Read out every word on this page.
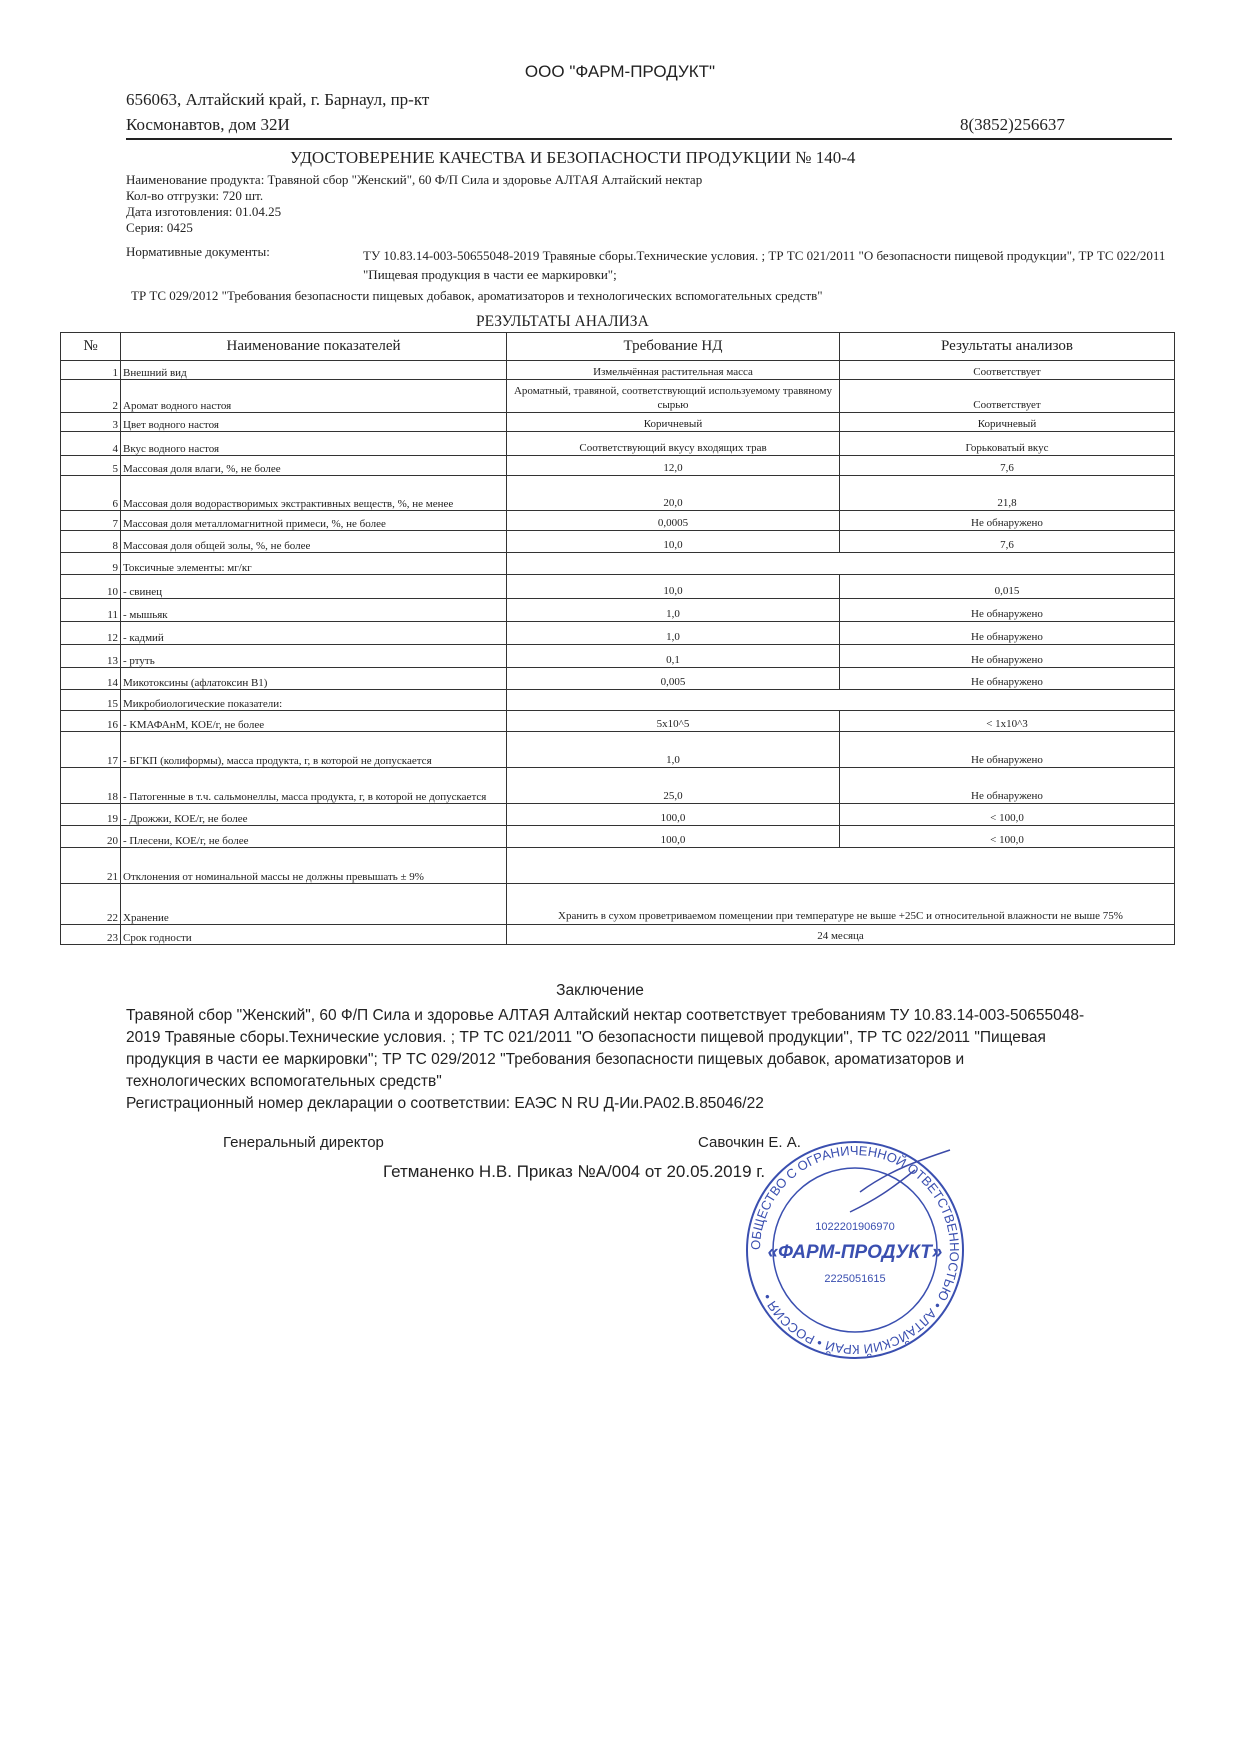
ООО "ФАРМ-ПРОДУКТ"
656063, Алтайский край, г. Барнаул, пр-кт
Космонавтов, дом 32И	8(3852)256637
УДОСТОВЕРЕНИЕ КАЧЕСТВА И БЕЗОПАСНОСТИ ПРОДУКЦИИ № 140-4
Наименование продукта: Травяной сбор "Женский", 60 Ф/П Сила и здоровье АЛТАЯ Алтайский нектар
Кол-во отгрузки: 720 шт.
Дата изготовления: 01.04.25
Серия: 0425
Нормативные документы:	ТУ 10.83.14-003-50655048-2019 Травяные сборы.Технические условия. ; ТР ТС 021/2011 "О безопасности пищевой продукции", ТР ТС 022/2011 "Пищевая продукция в части ее маркировки";
ТР ТС 029/2012 "Требования безопасности пищевых добавок, ароматизаторов и технологических вспомогательных средств"
РЕЗУЛЬТАТЫ АНАЛИЗА
№	Наименование показателей	Требование НД	Результаты анализов
1	Внешний вид	Измельчённая растительная масса	Соответствует
2	Аромат водного настоя	Ароматный, травяной, соответствующий используемому травяному сырью	Соответствует
3	Цвет водного настоя	Коричневый	Коричневый
4	Вкус водного настоя	Соответствующий вкусу входящих трав	Горьковатый вкус
5	Массовая доля влаги, %, не более	12,0	7,6
6	Массовая доля водорастворимых экстрактивных веществ, %, не менее	20,0	21,8
7	Массовая доля металломагнитной примеси, %, не более	0,0005	Не обнаружено
8	Массовая доля общей золы, %, не более	10,0	7,6
9	Токсичные элементы: мг/кг		
10	- свинец	10,0	0,015
11	- мышьяк	1,0	Не обнаружено
12	- кадмий	1,0	Не обнаружено
13	- ртуть	0,1	Не обнаружено
14	Микотоксины (афлатоксин В1)	0,005	Не обнаружено
15	Микробиологические показатели:		
16	- КМАФАнМ, КОЕ/г, не более	5х10^5	< 1х10^3
17	- БГКП (колиформы), масса продукта, г, в которой не допускается	1,0	Не обнаружено
18	- Патогенные в т.ч. сальмонеллы, масса продукта, г, в которой не допускается	25,0	Не обнаружено
19	- Дрожжи, КОЕ/г, не более	100,0	< 100,0
20	- Плесени, КОЕ/г, не более	100,0	< 100,0
21	Отклонения от номинальной массы не должны превышать ± 9%		
22	Хранение	Хранить в сухом проветриваемом помещении при температуре не выше +25С и относительной влажности не выше 75%	
23	Срок годности	24 месяца	
Заключение
Травяной сбор "Женский", 60 Ф/П Сила и здоровье АЛТАЯ Алтайский нектар соответствует требованиям ТУ 10.83.14-003-50655048-2019 Травяные сборы.Технические условия. ; ТР ТС 021/2011 "О безопасности пищевой продукции", ТР ТС 022/2011 "Пищевая продукция в части ее маркировки"; ТР ТС 029/2012 "Требования безопасности пищевых добавок, ароматизаторов и технологических вспомогательных средств"
Регистрационный номер декларации о соответствии: ЕАЭС N RU Д-Ии.РА02.В.85046/22
Генеральный директор	Савочкин Е. А.
Гетманенко Н.В. Приказ №А/004 от 20.05.2019 г.
ОБЩЕСТВО С ОГРАНИЧЕННОЙ ОТВЕТСТВЕННОСТЬЮ • АЛТАЙСКИЙ КРАЙ • РОССИЯ •
1022201906970
«ФАРМ-ПРОДУКТ»
2225051615
